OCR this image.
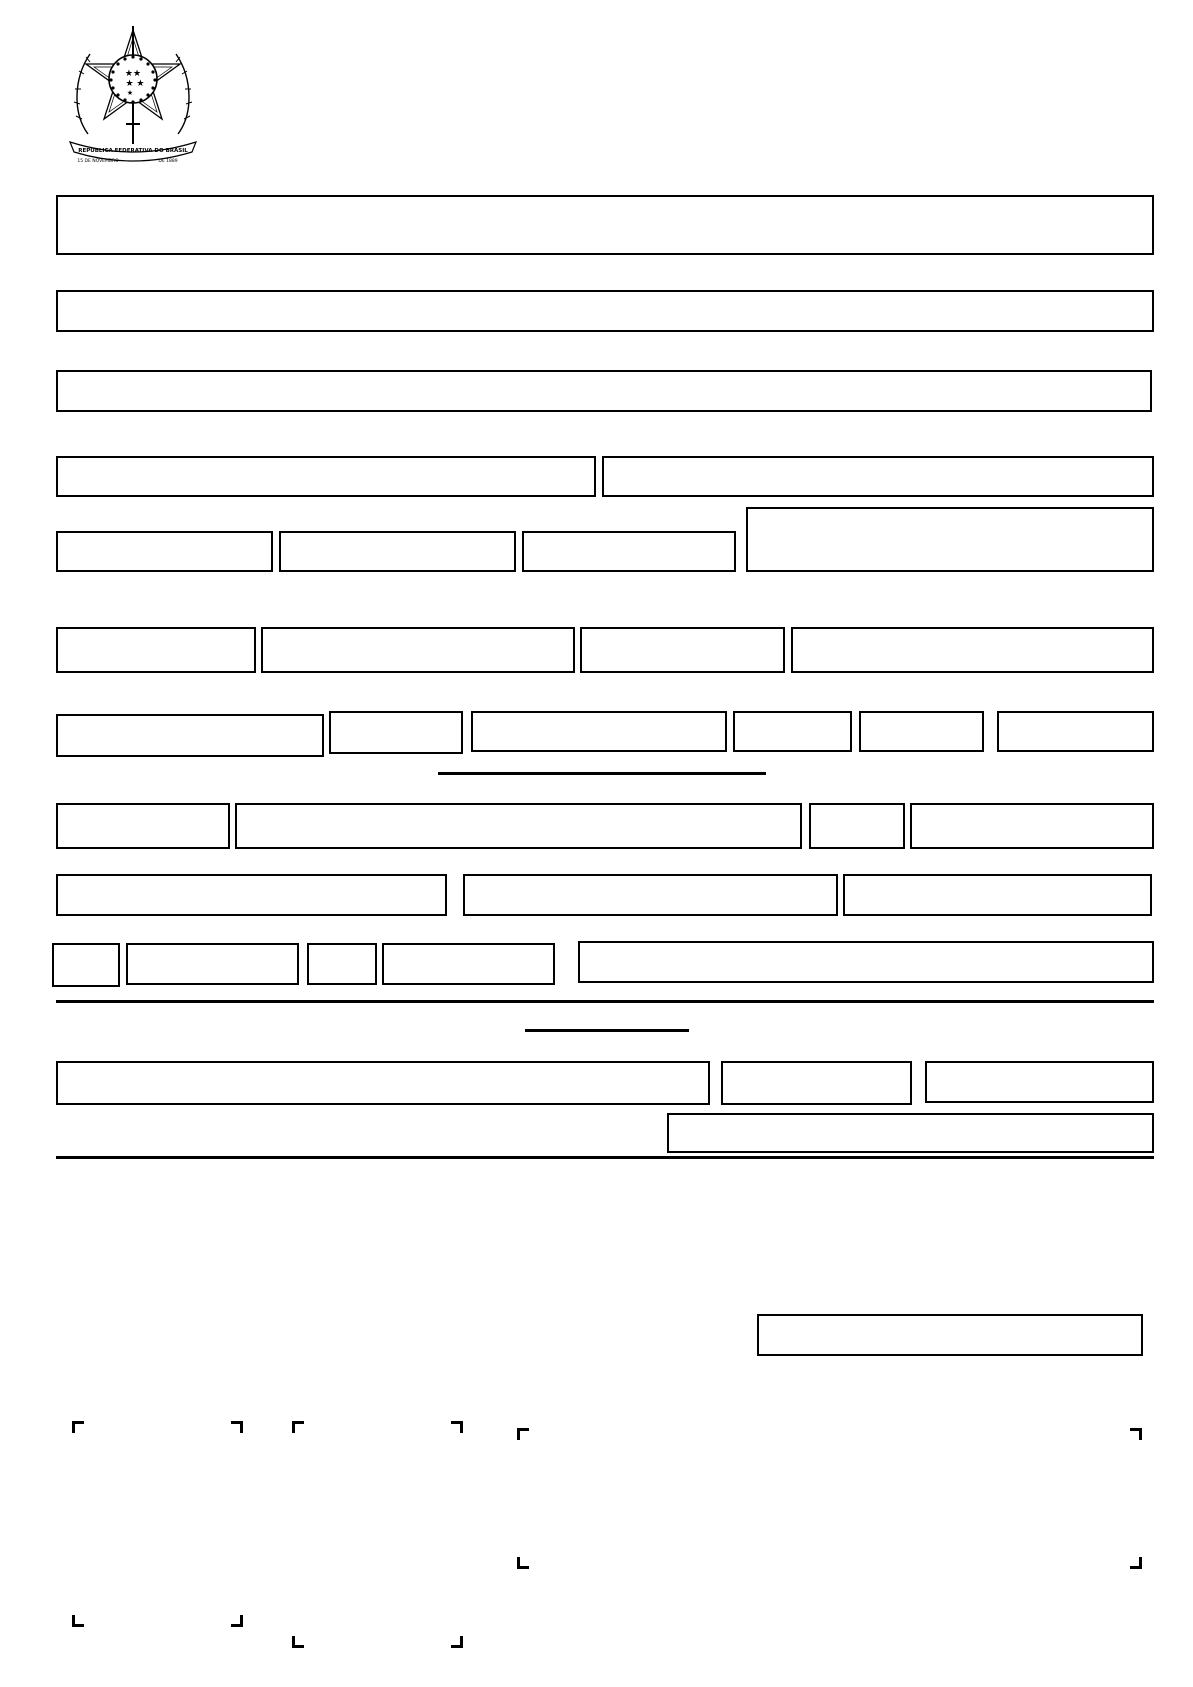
★★
★ ★
★
REPUBLICA FEDERATIVA DO BRASIL
15 DE NOVEMBRO	DE 1889
